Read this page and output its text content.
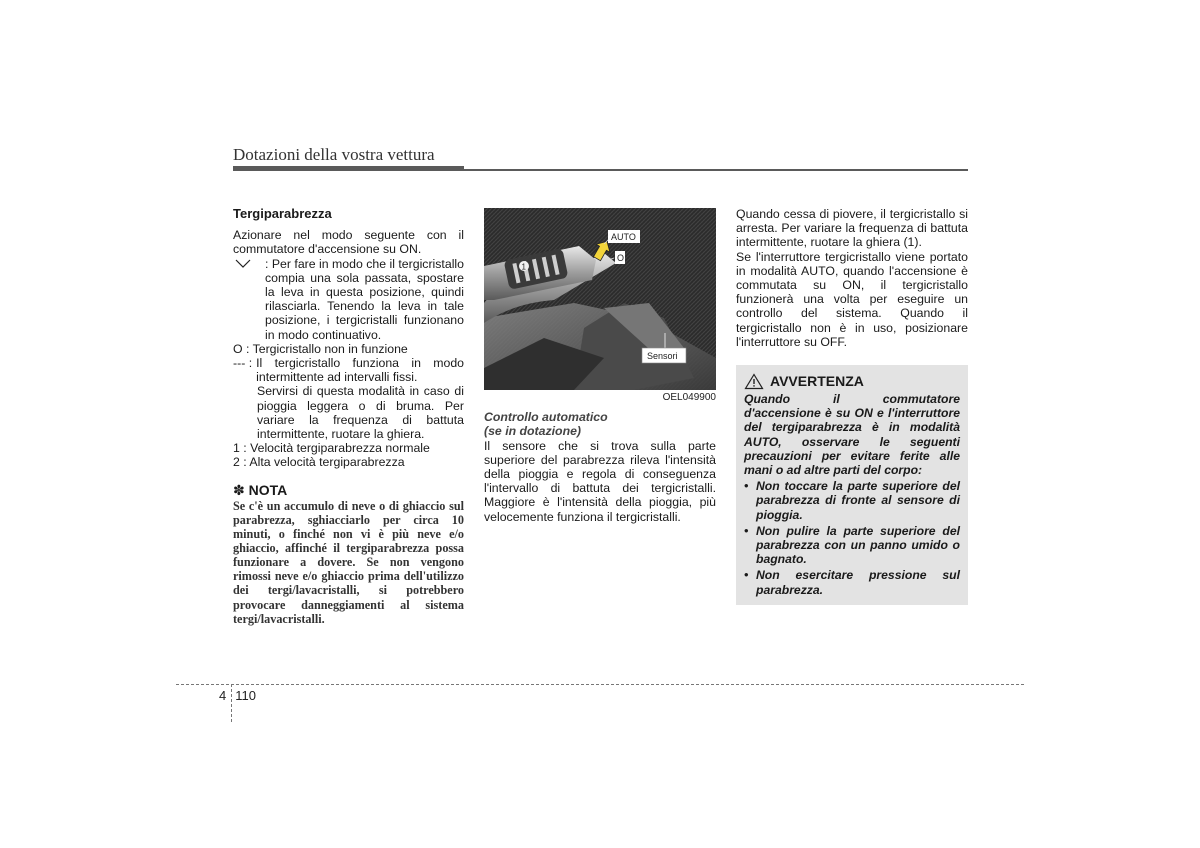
Dotazioni della vostra vettura
Tergiparabrezza
Azionare nel modo seguente con il commutatore d'accensione su ON.
: Per fare in modo che il tergicristallo compia una sola passata, spostare la leva in questa posizione, quindi rilasciarla. Tenendo la leva in tale posizione, i tergicristalli funzionano in modo continuativo.
O : Tergicristallo non in funzione
--- : Il tergicristallo funziona in modo intermittente ad intervalli fissi.
Servirsi di questa modalità in caso di pioggia leggera o di bruma. Per variare la frequenza di battuta intermittente, ruotare la ghiera.
1 : Velocità tergiparabrezza normale
2 : Alta velocità tergiparabrezza
✽ NOTA
Se c'è un accumulo di neve o di ghiaccio sul parabrezza, sghiacciarlo per circa 10 minuti, o finché non vi è più neve e/o ghiaccio, affinché il tergiparabrezza possa funzionare a dovere. Se non vengono rimossi neve e/o ghiaccio prima dell'utilizzo dei tergi/lavacristalli, si potrebbero provocare danneggiamenti al sistema tergi/lavacristalli.
1
AUTO
O
Sensori
OEL049900
Controllo automatico
(se in dotazione)
Il sensore che si trova sulla parte superiore del parabrezza rileva l'intensità della pioggia e regola di conseguenza l'intervallo di battuta dei tergicristalli. Maggiore è l'intensità della pioggia, più velocemente funziona il tergicristalli.
Quando cessa di piovere, il tergicristallo si arresta. Per variare la frequenza di battuta intermittente, ruotare la ghiera (1).
Se l'interruttore tergicristallo viene portato in modalità AUTO, quando l'accensione è commutata su ON, il tergicristallo funzionerà una volta per eseguire un controllo del sistema. Quando il tergicristallo non è in uso, posizionare l'interruttore su OFF.
AVVERTENZA
Quando il commutatore d'accensione è su ON e l'interruttore del tergiparabrezza è in modalità AUTO, osservare le seguenti precauzioni per evitare ferite alle mani o ad altre parti del corpo:
• Non toccare la parte superiore del parabrezza di fronte al sensore di pioggia.
• Non pulire la parte superiore del parabrezza con un panno umido o bagnato.
• Non esercitare pressione sul parabrezza.
4 110
